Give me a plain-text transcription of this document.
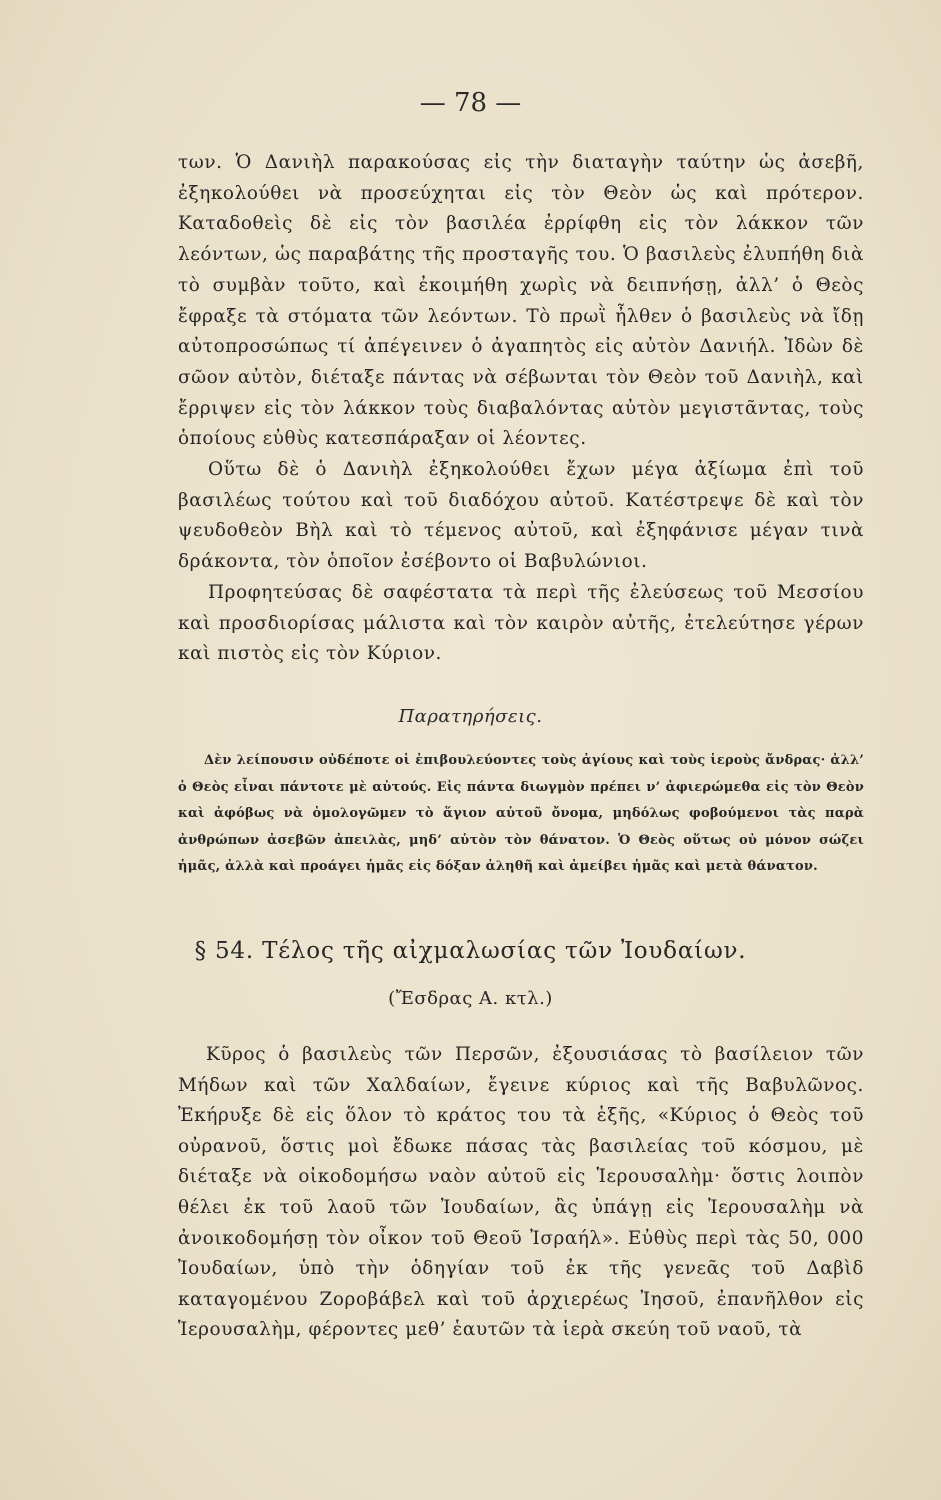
— 78 —

των. Ὁ Δανιὴλ παρακούσας εἰς τὴν διαταγὴν ταύτην ὡς ἀσεβῆ, ἐξηκολούθει νὰ προσεύχηται εἰς τὸν Θεὸν ὡς καὶ πρότερον. Καταδοθεὶς δὲ εἰς τὸν βασιλέα ἐρρίφθη εἰς τὸν λάκκον τῶν λεόντων, ὡς παραβάτης τῆς προσταγῆς του. Ὁ βασιλεὺς ἐλυπήθη διὰ τὸ συμβὰν τοῦτο, καὶ ἐκοιμήθη χωρὶς νὰ δειπνήσῃ, ἀλλ’ ὁ Θεὸς ἔφραξε τὰ στόματα τῶν λεόντων. Τὸ πρωῒ ἦλθεν ὁ βασιλεὺς νὰ ἴδῃ αὐτοπροσώπως τί ἀπέγεινεν ὁ ἀγαπητὸς εἰς αὐτὸν Δανιήλ. Ἰδὼν δὲ σῶον αὐτὸν, διέταξε πάντας νὰ σέβωνται τὸν Θεὸν τοῦ Δανιὴλ, καὶ ἔρριψεν εἰς τὸν λάκκον τοὺς διαβαλόντας αὐτὸν μεγιστᾶντας, τοὺς ὁποίους εὐθὺς κατεσπάραξαν οἱ λέοντες.

Οὕτω δὲ ὁ Δανιὴλ ἐξηκολούθει ἔχων μέγα ἀξίωμα ἐπὶ τοῦ βασιλέως τούτου καὶ τοῦ διαδόχου αὐτοῦ. Κατέστρεψε δὲ καὶ τὸν ψευδοθεὸν Βὴλ καὶ τὸ τέμενος αὐτοῦ, καὶ ἐξηφάνισε μέγαν τινὰ δράκοντα, τὸν ὁποῖον ἐσέβοντο οἱ Βαβυλώνιοι.

Προφητεύσας δὲ σαφέστατα τὰ περὶ τῆς ἐλεύσεως τοῦ Μεσσίου καὶ προσδιορίσας μάλιστα καὶ τὸν καιρὸν αὐτῆς, ἐτελεύτησε γέρων καὶ πιστὸς εἰς τὸν Κύριον.

Παρατηρήσεις.

Δὲν λείπουσιν οὐδέποτε οἱ ἐπιβουλεύοντες τοὺς ἁγίους καὶ τοὺς ἱεροὺς ἄνδρας· ἀλλ’ ὁ Θεὸς εἶναι πάντοτε μὲ αὐτούς. Εἰς πάντα διωγμὸν πρέπει ν’ ἀφιερώμεθα εἰς τὸν Θεὸν καὶ ἀφόβως νὰ ὁμολογῶμεν τὸ ἅγιον αὐτοῦ ὄνομα, μηδόλως φοβούμενοι τὰς παρὰ ἀνθρώπων ἀσεβῶν ἀπειλὰς, μηδ’ αὐτὸν τὸν θάνατον. Ὁ Θεὸς οὕτως οὐ μόνον σώζει ἡμᾶς, ἀλλὰ καὶ προάγει ἡμᾶς εἰς δόξαν ἀληθῆ καὶ ἀμείβει ἡμᾶς καὶ μετὰ θάνατον.

§ 54. Τέλος τῆς αἰχμαλωσίας τῶν Ἰουδαίων.
(Ἔσδρας Α. κτλ.)

Κῦρος ὁ βασιλεὺς τῶν Περσῶν, ἐξουσιάσας τὸ βασίλειον τῶν Μήδων καὶ τῶν Χαλδαίων, ἔγεινε κύριος καὶ τῆς Βαβυλῶνος. Ἐκήρυξε δὲ εἰς ὅλον τὸ κράτος του τὰ ἑξῆς, «Κύριος ὁ Θεὸς τοῦ οὐρανοῦ, ὅστις μοὶ ἔδωκε πάσας τὰς βασιλείας τοῦ κόσμου, μὲ διέταξε νὰ οἰκοδομήσω ναὸν αὐτοῦ εἰς Ἱερουσαλὴμ· ὅστις λοιπὸν θέλει ἐκ τοῦ λαοῦ τῶν Ἰουδαίων, ἂς ὑπάγῃ εἰς Ἱερουσαλὴμ νὰ ἀνοικοδομήσῃ τὸν οἶκον τοῦ Θεοῦ Ἰσραήλ». Εὐθὺς περὶ τὰς 50, 000 Ἰουδαίων, ὑπὸ τὴν ὁδηγίαν τοῦ ἐκ τῆς γενεᾶς τοῦ Δαβὶδ καταγομένου Ζοροβάβελ καὶ τοῦ ἀρχιερέως Ἰησοῦ, ἐπανῆλθον εἰς Ἱερουσαλὴμ, φέροντες μεθ’ ἑαυτῶν τὰ ἱερὰ σκεύη τοῦ ναοῦ, τὰ
